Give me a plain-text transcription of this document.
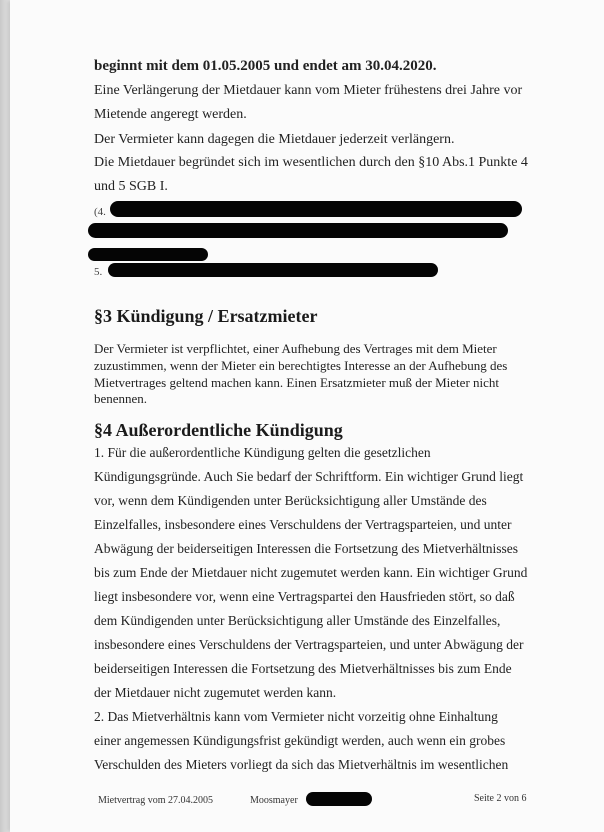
beginnt mit dem 01.05.2005 und endet am 30.04.2020.
Eine Verlängerung der Mietdauer kann vom Mieter frühestens drei Jahre vor
Mietende angeregt werden.
Der Vermieter kann dagegen die Mietdauer jederzeit verlängern.
Die Mietdauer begründet sich im wesentlichen durch den §10 Abs.1 Punkte 4
und 5 SGB I.
(4.
5.
§3 Kündigung / Ersatzmieter
Der Vermieter ist verpflichtet, einer Aufhebung des Vertrages mit dem Mieter
zuzustimmen, wenn der Mieter ein berechtigtes Interesse an der Aufhebung des
Mietvertrages geltend machen kann. Einen Ersatzmieter muß der Mieter nicht
benennen.
§4 Außerordentliche Kündigung
1. Für die außerordentliche Kündigung gelten die gesetzlichen
Kündigungsgründe. Auch Sie bedarf der Schriftform. Ein wichtiger Grund liegt
vor, wenn dem Kündigenden unter Berücksichtigung aller Umstände des
Einzelfalles, insbesondere eines Verschuldens der Vertragsparteien, und unter
Abwägung der beiderseitigen Interessen die Fortsetzung des Mietverhältnisses
bis zum Ende der Mietdauer nicht zugemutet werden kann. Ein wichtiger Grund
liegt insbesondere vor, wenn eine Vertragspartei den Hausfrieden stört, so daß
dem Kündigenden unter Berücksichtigung aller Umstände des Einzelfalles,
insbesondere eines Verschuldens der Vertragsparteien, und unter Abwägung der
beiderseitigen Interessen die Fortsetzung des Mietverhältnisses bis zum Ende
der Mietdauer nicht zugemutet werden kann.
2. Das Mietverhältnis kann vom Vermieter nicht vorzeitig ohne Einhaltung
einer angemessen Kündigungsfrist gekündigt werden, auch wenn ein grobes
Verschulden des Mieters vorliegt da sich das Mietverhältnis im wesentlichen
Mietvertrag vom 27.04.2005	Moosmayer	Seite 2 von 6
